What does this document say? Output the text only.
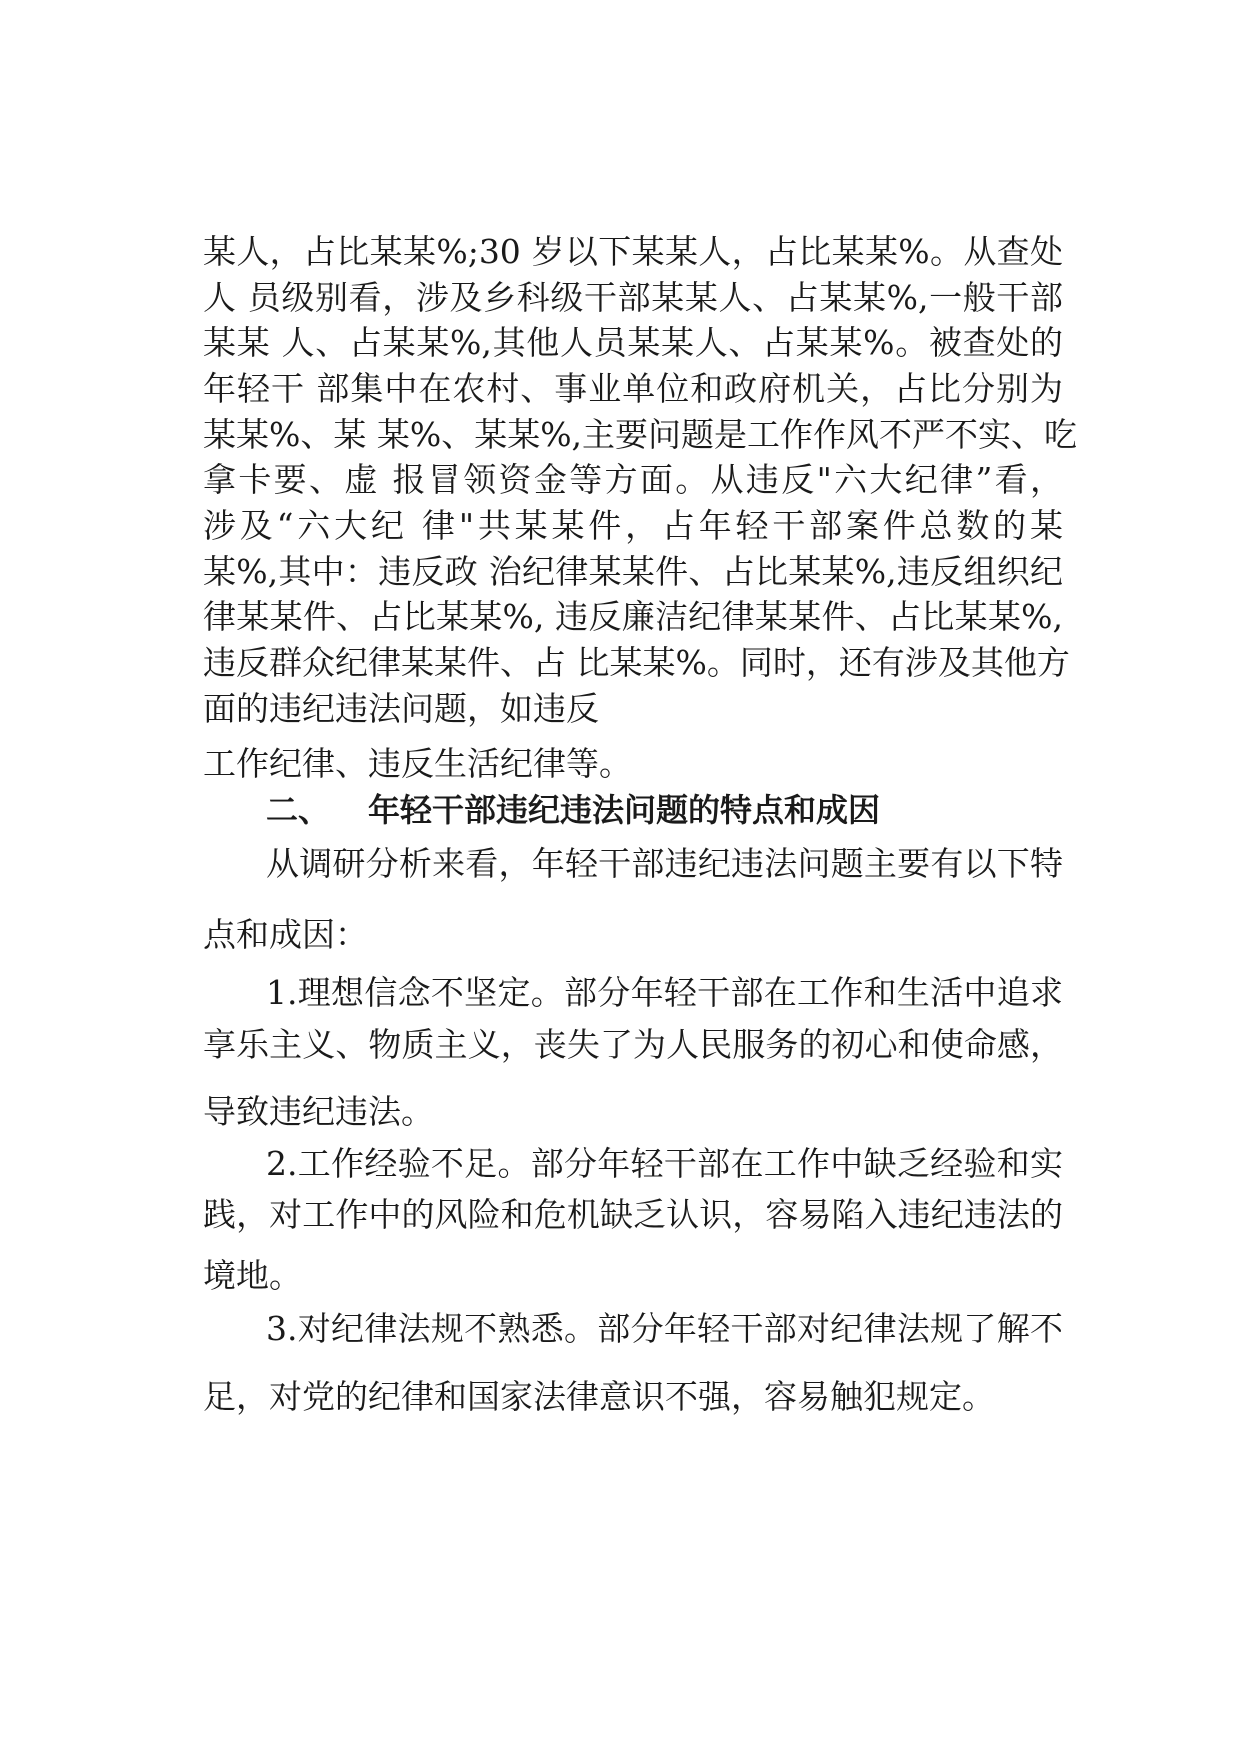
某人，占比某某%;30 岁以下某某人，占比某某%。从查处
人 员级别看，涉及乡科级干部某某人、占某某%,一般干部
某某 人、占某某%,其他人员某某人、占某某%。被查处的
年轻干 部集中在农村、事业单位和政府机关，占比分别为
某某%、某 某%、某某%,主要问题是工作作风不严不实、吃
拿卡要、虚 报冒领资金等方面。从违反"六大纪律”看，
涉及“六大纪 律"共某某件，占年轻干部案件总数的某
某%,其中：违反政 治纪律某某件、占比某某%,违反组织纪
律某某件、占比某某%, 违反廉洁纪律某某件、占比某某%,
违反群众纪律某某件、占 比某某%。同时，还有涉及其他方
面的违纪违法问题，如违反
工作纪律、违反生活纪律等。
二、 年轻干部违纪违法问题的特点和成因
从调研分析来看，年轻干部违纪违法问题主要有以下特
点和成因：
1.理想信念不坚定。部分年轻干部在工作和生活中追求
享乐主义、物质主义，丧失了为人民服务的初心和使命感，
导致违纪违法。
2.工作经验不足。部分年轻干部在工作中缺乏经验和实
践，对工作中的风险和危机缺乏认识，容易陷入违纪违法的
境地。
3.对纪律法规不熟悉。部分年轻干部对纪律法规了解不
足，对党的纪律和国家法律意识不强，容易触犯规定。
